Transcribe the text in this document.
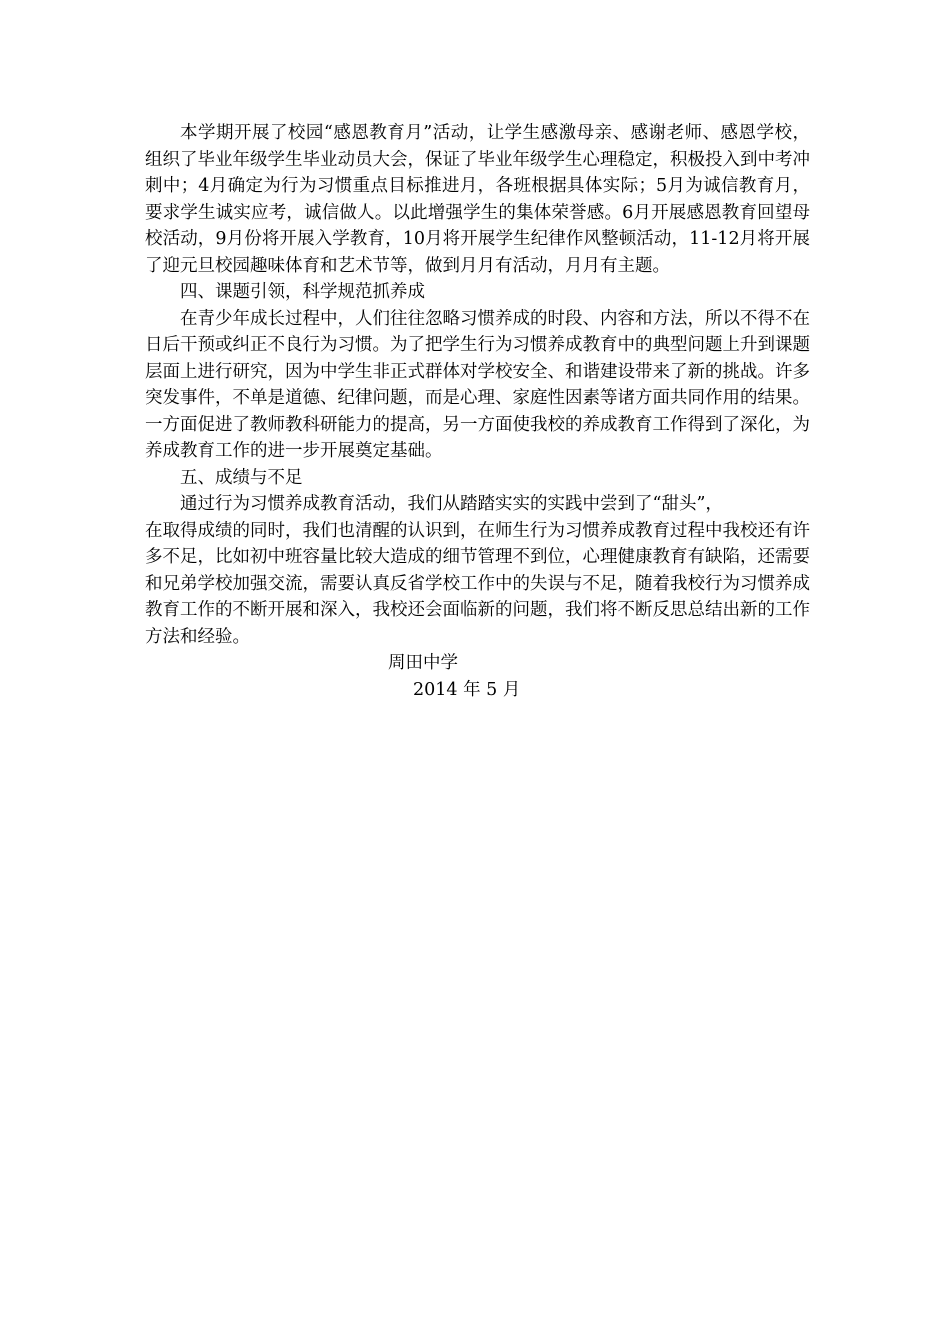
本学期开展了校园“感恩教育月”活动，让学生感激母亲、感谢老师、感恩学校，组织了毕业年级学生毕业动员大会，保证了毕业年级学生心理稳定，积极投入到中考冲刺中；4月确定为行为习惯重点目标推进月，各班根据具体实际；5月为诚信教育月，要求学生诚实应考，诚信做人。以此增强学生的集体荣誉感。6月开展感恩教育回望母校活动，9月份将开展入学教育，10月将开展学生纪律作风整顿活动，11-12月将开展了迎元旦校园趣味体育和艺术节等，做到月月有活动，月月有主题。

四、课题引领，科学规范抓养成

在青少年成长过程中，人们往往忽略习惯养成的时段、内容和方法，所以不得不在日后干预或纠正不良行为习惯。为了把学生行为习惯养成教育中的典型问题上升到课题层面上进行研究，因为中学生非正式群体对学校安全、和谐建设带来了新的挑战。许多突发事件，不单是道德、纪律问题，而是心理、家庭性因素等诸方面共同作用的结果。一方面促进了教师教科研能力的提高，另一方面使我校的养成教育工作得到了深化，为养成教育工作的进一步开展奠定基础。

五、成绩与不足

通过行为习惯养成教育活动，我们从踏踏实实的实践中尝到了“甜头”，

在取得成绩的同时，我们也清醒的认识到，在师生行为习惯养成教育过程中我校还有许多不足，比如初中班容量比较大造成的细节管理不到位，心理健康教育有缺陷，还需要和兄弟学校加强交流，需要认真反省学校工作中的失误与不足，随着我校行为习惯养成教育工作的不断开展和深入，我校还会面临新的问题，我们将不断反思总结出新的工作方法和经验。

周田中学

2014 年 5 月
